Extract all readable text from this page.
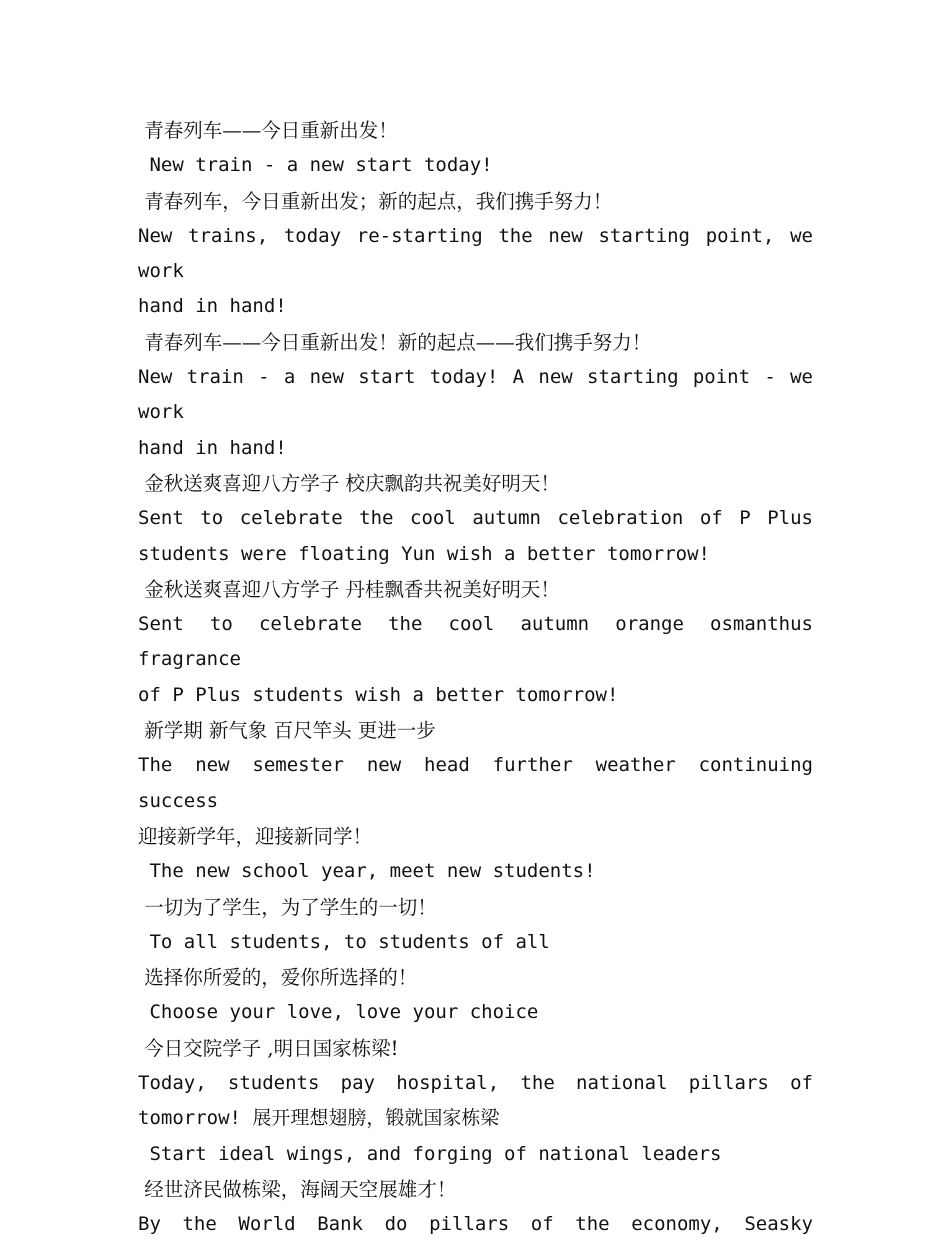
青春列车——今日重新出发！

New train - a new start today!

青春列车，今日重新出发；新的起点，我们携手努力！

New trains, today re-starting the new starting point, we work

hand in hand!

青春列车——今日重新出发！新的起点——我们携手努力！

New train - a new start today! A new starting point - we work

hand in hand!

金秋送爽喜迎八方学子 校庆飘韵共祝美好明天！

Sent to celebrate the cool autumn celebration of P Plus

students were floating Yun wish a better tomorrow!

金秋送爽喜迎八方学子 丹桂飘香共祝美好明天！

Sent to celebrate the cool autumn orange osmanthus fragrance

of P Plus students wish a better tomorrow!

新学期 新气象 百尺竿头 更进一步

The new semester new head further weather continuing success

迎接新学年，迎接新同学！

The new school year, meet new students!

一切为了学生，为了学生的一切！

To all students, to students of all

选择你所爱的，爱你所选择的！

Choose your love, love your choice

今日交院学子 ,明日国家栋梁!

Today, students pay hospital, the national pillars of

tomorrow! 展开理想翅膀，锻就国家栋梁

Start ideal wings, and forging of national leaders

经世济民做栋梁，海阔天空展雄才！

By the World Bank do pillars of the economy, Seasky
